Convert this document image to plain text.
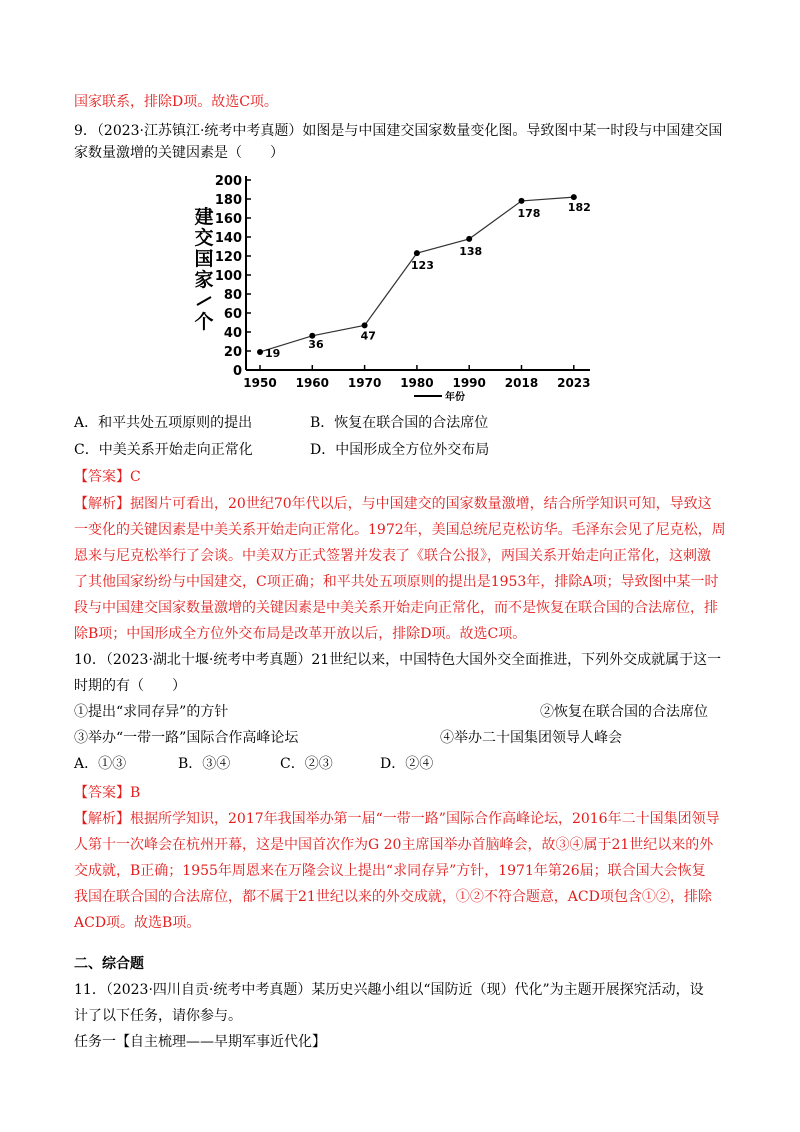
国家联系，排除D项。故选C项。
9．（2023·江苏镇江·统考中考真题）如图是与中国建交国家数量变化图。导致图中某一时段与中国建交国
家数量激增的关键因素是（　　）
建
交
国
家
个
0
20
40
60
80
100
120
140
160
180
200
1950 1960 1970 1980 1990 2018 2023
19
36
47
123
138
178 182
年份
A．和平共处五项原则的提出	B．恢复在联合国的合法席位
C．中美关系开始走向正常化	D．中国形成全方位外交布局
【答案】C
【解析】据图片可看出，20世纪70年代以后，与中国建交的国家数量激增，结合所学知识可知，导致这
一变化的关键因素是中美关系开始走向正常化。1972年，美国总统尼克松访华。毛泽东会见了尼克松，周
恩来与尼克松举行了会谈。中美双方正式签署并发表了《联合公报》，两国关系开始走向正常化，这刺激
了其他国家纷纷与中国建交，C项正确；和平共处五项原则的提出是1953年，排除A项；导致图中某一时
段与中国建交国家数量激增的关键因素是中美关系开始走向正常化，而不是恢复在联合国的合法席位，排
除B项；中国形成全方位外交布局是改革开放以后，排除D项。故选C项。
10．（2023·湖北十堰·统考中考真题）21世纪以来，中国特色大国外交全面推进，下列外交成就属于这一
时期的有（　　）
①提出“求同存异”的方针	②恢复在联合国的合法席位
③举办“一带一路”国际合作高峰论坛	④举办二十国集团领导人峰会
A．①③	B．③④	C．②③	D．②④
【答案】B
【解析】根据所学知识，2017年我国举办第一届“一带一路”国际合作高峰论坛，2016年二十国集团领导
人第十一次峰会在杭州开幕，这是中国首次作为G 20主席国举办首脑峰会，故③④属于21世纪以来的外
交成就，B正确；1955年周恩来在万隆会议上提出“求同存异”方针，1971年第26届；联合国大会恢复
我国在联合国的合法席位，都不属于21世纪以来的外交成就，①②不符合题意，ACD项包含①②，排除
ACD项。故选B项。
二、综合题
11．（2023·四川自贡·统考中考真题）某历史兴趣小组以“国防近（现）代化”为主题开展探究活动，设
计了以下任务，请你参与。
任务一【自主梳理——早期军事近代化】
